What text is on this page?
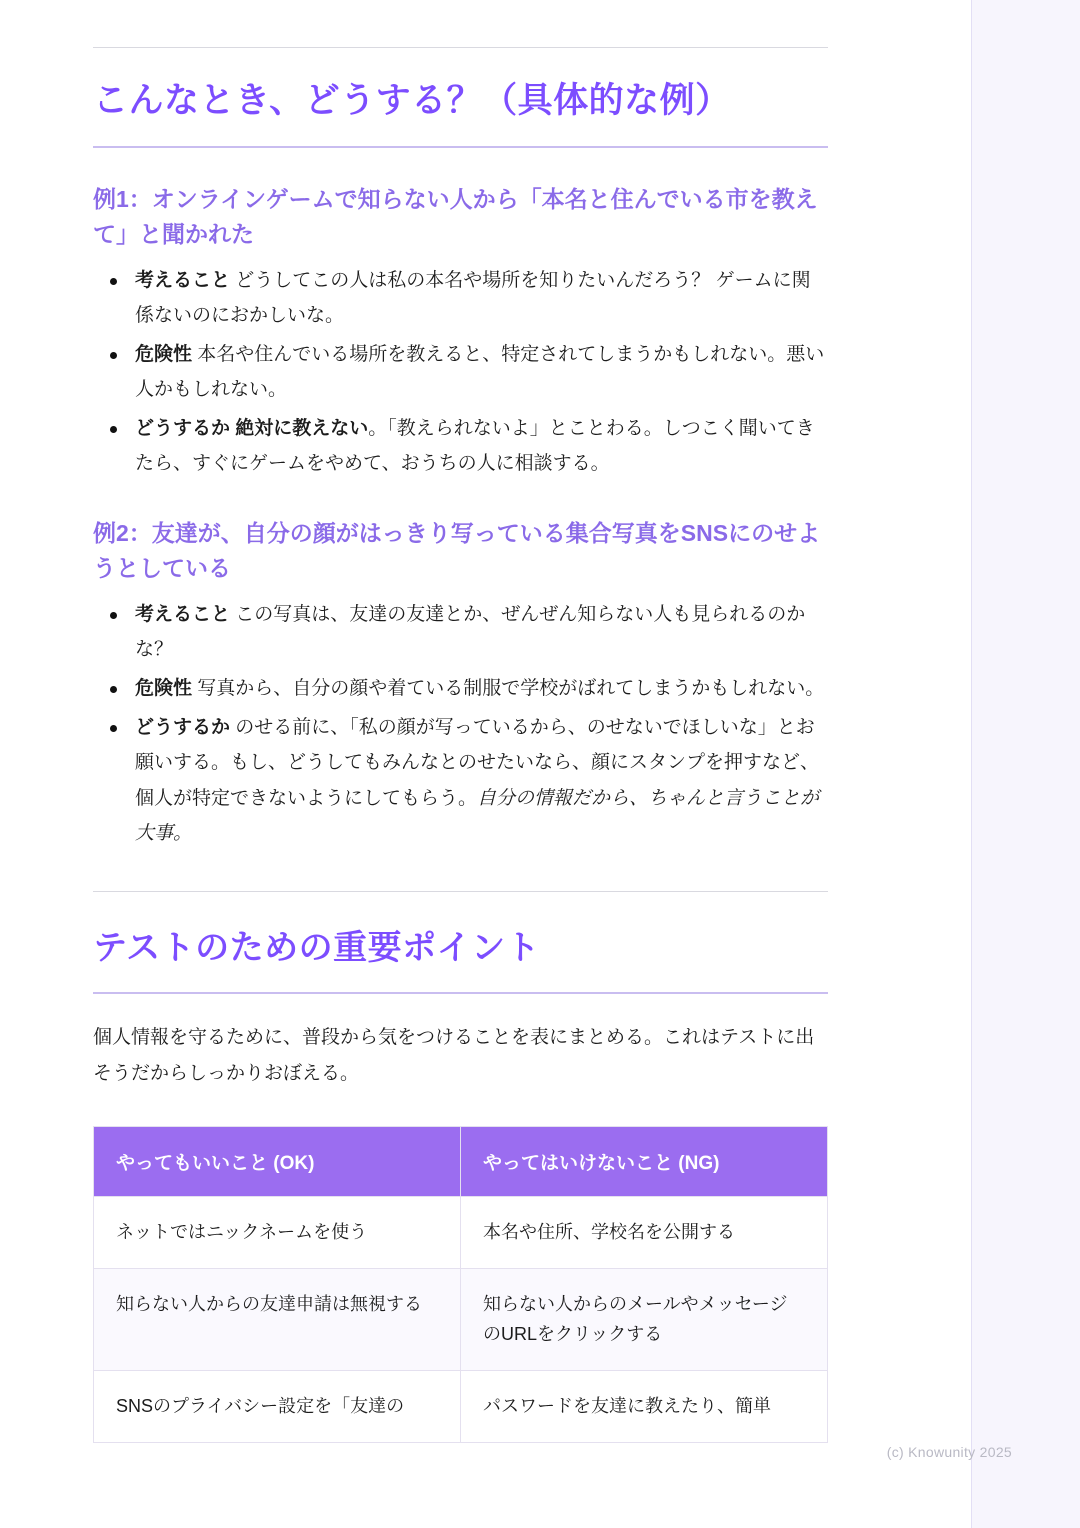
こんなとき、どうする？（具体的な例）
例1：オンラインゲームで知らない人から「本名と住んでいる市を教えて」と聞かれた
考えること どうしてこの人は私の本名や場所を知りたいんだろう？ ゲームに関係ないのにおかしいな。
危険性 本名や住んでいる場所を教えると、特定されてしまうかもしれない。悪い人かもしれない。
どうするか 絶対に教えない。「教えられないよ」とことわる。しつこく聞いてきたら、すぐにゲームをやめて、おうちの人に相談する。
例2：友達が、自分の顔がはっきり写っている集合写真をSNSにのせようとしている
考えること この写真は、友達の友達とか、ぜんぜん知らない人も見られるのかな？
危険性 写真から、自分の顔や着ている制服で学校がばれてしまうかもしれない。
どうするか のせる前に、「私の顔が写っているから、のせないでほしいな」とお願いする。もし、どうしてもみんなとのせたいなら、顔にスタンプを押すなど、個人が特定できないようにしてもらう。自分の情報だから、ちゃんと言うことが大事。
テストのための重要ポイント

個人情報を守るために、普段から気をつけることを表にまとめる。これはテストに出そうだからしっかりおぼえる。

やってもいいこと (OK)	やってはいけないこと (NG)
ネットではニックネームを使う	本名や住所、学校名を公開する
知らない人からの友達申請は無視する	知らない人からのメールやメッセージのURLをクリックする
SNSのプライバシー設定を「友達の	パスワードを友達に教えたり、簡単
(c) Knowunity 2025
